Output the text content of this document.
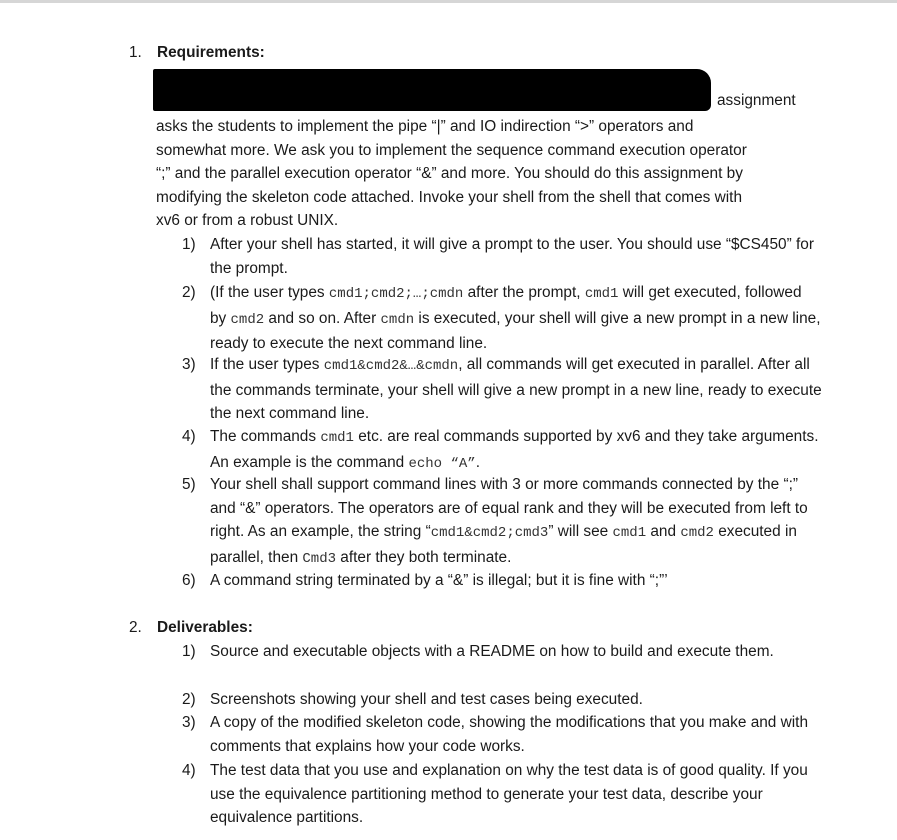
1. Requirements:
assignment
asks the students to implement the pipe “|” and IO indirection “>” operators and
somewhat more. We ask you to implement the sequence command execution operator
“;” and the parallel execution operator “&” and more. You should do this assignment by
modifying the skeleton code attached. Invoke your shell from the shell that comes with
xv6 or from a robust UNIX.
1) After your shell has started, it will give a prompt to the user. You should use “$CS450” for the prompt.
2) (If the user types cmd1;cmd2;…;cmdn after the prompt, cmd1 will get executed, followed by cmd2 and so on. After cmdn is executed, your shell will give a new prompt in a new line, ready to execute the next command line.
3) If the user types cmd1&cmd2&…&cmdn, all commands will get executed in parallel. After all the commands terminate, your shell will give a new prompt in a new line, ready to execute the next command line.
4) The commands cmd1 etc. are real commands supported by xv6 and they take arguments. An example is the command echo “A”.
5) Your shell shall support command lines with 3 or more commands connected by the “;” and “&” operators. The operators are of equal rank and they will be executed from left to right. As an example, the string “cmd1&cmd2;cmd3” will see cmd1 and cmd2 executed in parallel, then Cmd3 after they both terminate.
6) A command string terminated by a “&” is illegal; but it is fine with “;”’
2. Deliverables:
1) Source and executable objects with a README on how to build and execute them.
2) Screenshots showing your shell and test cases being executed.
3) A copy of the modified skeleton code, showing the modifications that you make and with comments that explains how your code works.
4) The test data that you use and explanation on why the test data is of good quality. If you use the equivalence partitioning method to generate your test data, describe your equivalence partitions.
